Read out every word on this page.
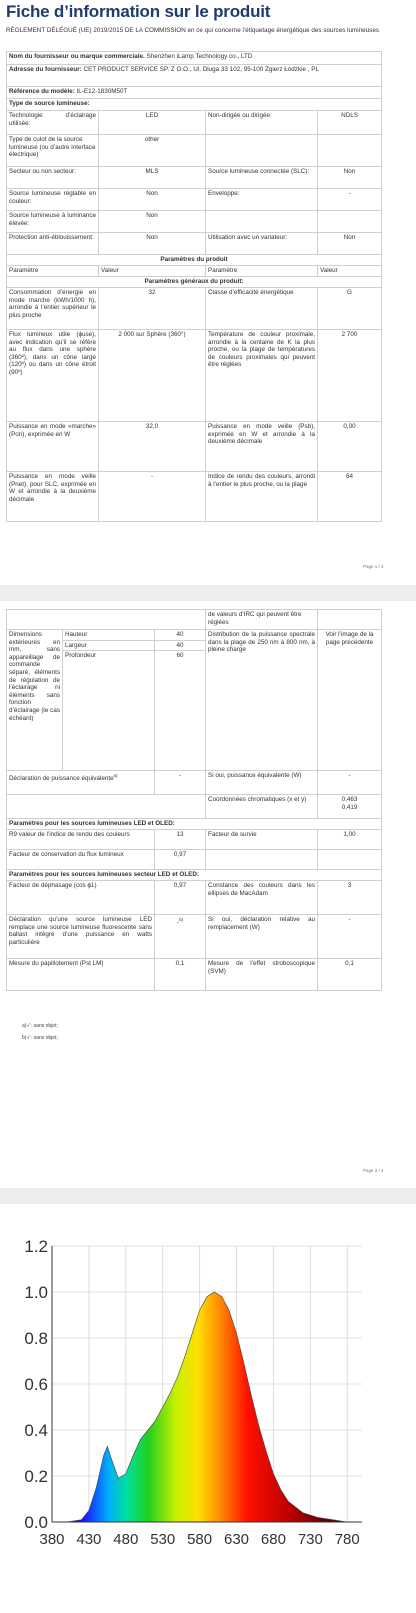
Fiche d’information sur le produit
RÈGLEMENT DÉLÉGUÉ (UE) 2019/2015 DE LA COMMISSION en ce qui concerne l’étiquetage énergétique des sources lumineuses
Nom du fournisseur ou marque commerciale. Shenzhen iLamp Technology co., LTD			
Adresse du fournisseur: CET PRODUCT SERVICE SP. Z O.O., Ul. Dluga 33 102, 95-100 Zgierz Łódzkie , PL			
Référence du modèle: IL-E12-1830M50T			
Type de source lumineuse:			
Technologie d’éclairage utilisée:	LED	Non-dirigée ou dirigée:	NDLS
Type de culot de la source lumineuse (ou d’autre interface électrique)	other		
Secteur ou non secteur:	MLS	Source lumineuse connectée (SLC):	Non
Source lumineuse réglable en couleur:	Non	Enveloppe:	-
Source lumineuse à luminance élevée:	Non		
Protection anti-éblouissement:	Non	Utilisation avec un variateur:	Non
Paramètres du produit			
Paramètre	Valeur	Paramètre	Valeur
Paramètres généraux du produit:			
Consommation d’énergie en mode marche (kWh/1000 h), arrondie à l’entier supérieur le plus proche	32	Classe d’efficacité énergétique	G
Flux lumineux utile (ϕuse), avec indication qu’il se réfère au flux dans une sphère (360º), dans un cône large (120º) ou dans un cône étroit (90º)	2 000 sur Sphère (360°)	Température de couleur proximale, arrondie à la centaine de K la plus proche, ou la plage de températures de couleurs proximales qui peuvent être réglées	2 700
Puissance en mode «marche» (Pon), exprimée en W	32,0	Puissance en mode veille (Psb), exprimée en W et arrondie à la deuxième décimale	0,00
Puissance en mode veille (Pnet), pour SLC, exprimée en W et arrondie à la deuxième décimale	-	Indice de rendu des couleurs, arrondi à l’entier le plus proche, ou la plage	84
Page 1 / 4
			de valeurs d’IRC qui peuvent être réglées	
Dimensions extérieures en mm, sans appareillage de commande séparé, éléments de régulation de l’éclairage ni éléments sans fonction d’éclairage (le cas échéant)	Hauteur	40	Distribution de la puissance spectrale dans la plage de 250 nm à 800 nm, à pleine charge	Voir l’image de la page précédente
	Largeur	40		
	Profondeur	60		
Déclaration de puissance équivalente$^{a)}$		-	Si oui, puissance équivalente (W)	-
			Coordonnées chromatiques (x et y)	0,463
0,419

Paramètres pour les sources lumineuses LED et OLED:				
R9 valeur de l’indice de rendu des couleurs		13	Facteur de survie	1,00
Facteur de conservation du flux lumineux		0,97		
Paramètres pour les sources lumineuses secteur LED et OLED:				
Facteur de déphasage (cos ϕ1)		0,97	Constance des couleurs dans les ellipses de MacAdam	3
Déclaration qu’une source lumineuse LED remplace une source lumineuse fluorescente sans ballast intégré d’une puissance en watts particulière		-$^{b)}$	Si oui, déclaration relative au remplacement (W)	-
Mesure du papillotement (Pst LM)		0,1	Mesure de l’effet stroboscopique (SVM)	0,1
a)-/ : sans objet;
b)-/ : sans objet;
Page 2 / 4
0.0
0.2
0.4
0.6
0.8
1.0
1.2
380 430 480 530 580 630 680 730 780
